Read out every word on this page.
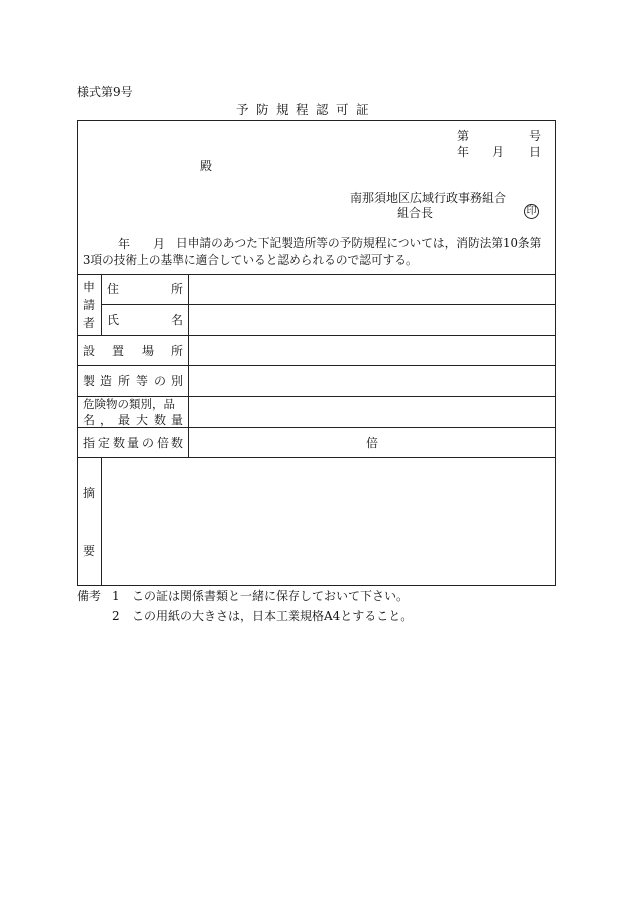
様式第9号
予防規程認可証
第	号
年 月 日
殿
南那須地区広域行政事務組合
組合長	印
年 月 日申請のあつた下記製造所等の予防規程については，消防法第10条第
3項の技術上の基準に適合していると認められるので認可する。
申
請
者
住	所
氏	名
設 置 場 所
製 造 所 等 の 別
危険物の類別，品
名 ， 最 大 数 量
指 定 数 量 の 倍 数	倍
摘
要
備考 1 この証は関係書類と一緒に保存しておいて下さい。
2 この用紙の大きさは，日本工業規格A4とすること。
